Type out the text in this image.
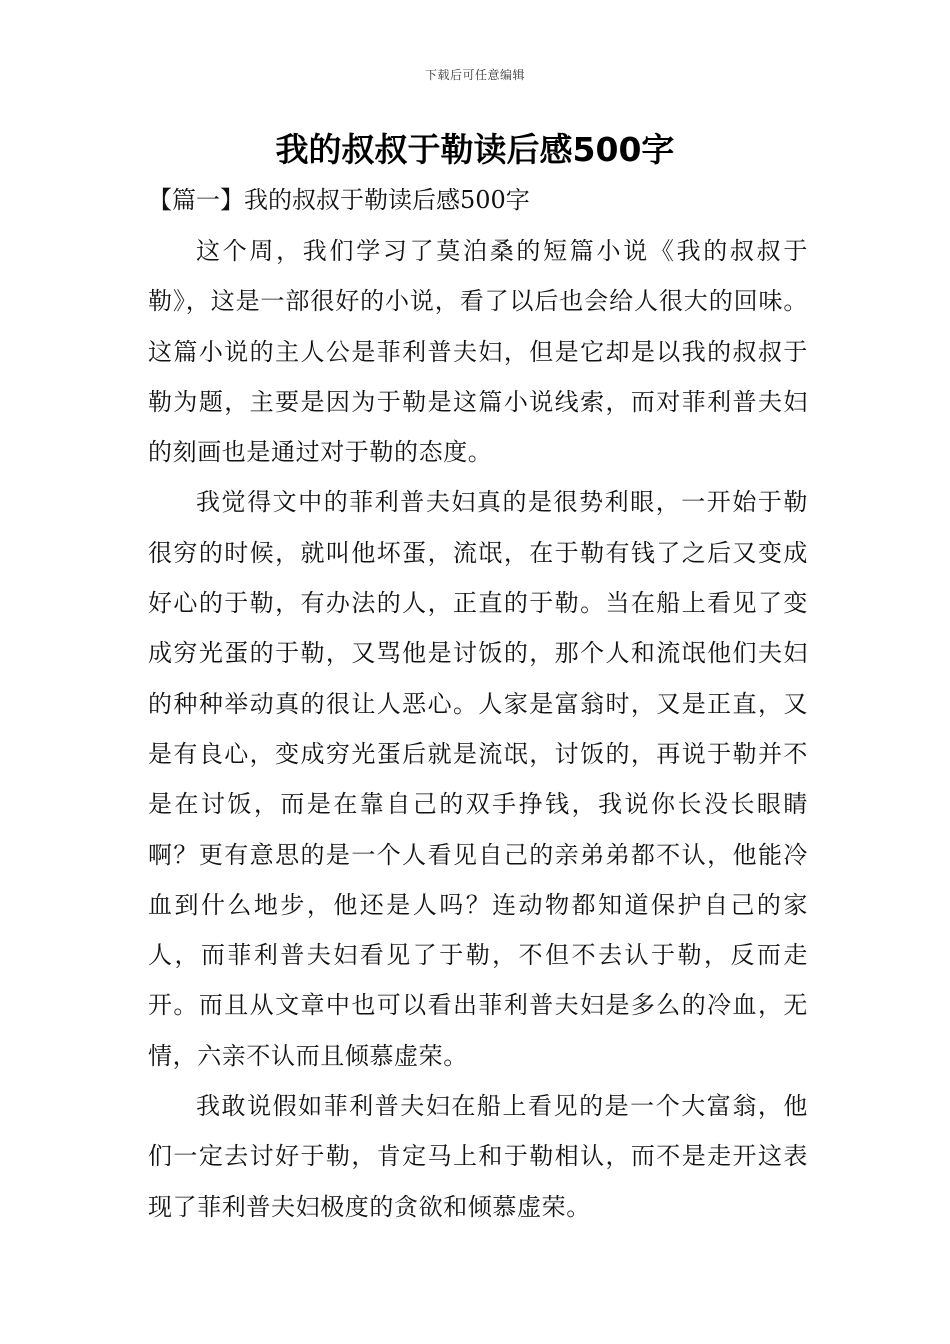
下载后可任意编辑
我的叔叔于勒读后感500字
【篇一】我的叔叔于勒读后感500字

这个周，我们学习了莫泊桑的短篇小说《我的叔叔于勒》，这是一部很好的小说，看了以后也会给人很大的回味。这篇小说的主人公是菲利普夫妇，但是它却是以我的叔叔于勒为题，主要是因为于勒是这篇小说线索，而对菲利普夫妇的刻画也是通过对于勒的态度。

我觉得文中的菲利普夫妇真的是很势利眼，一开始于勒很穷的时候，就叫他坏蛋，流氓，在于勒有钱了之后又变成好心的于勒，有办法的人，正直的于勒。当在船上看见了变成穷光蛋的于勒，又骂他是讨饭的，那个人和流氓他们夫妇的种种举动真的很让人恶心。人家是富翁时，又是正直，又是有良心，变成穷光蛋后就是流氓，讨饭的，再说于勒并不是在讨饭，而是在靠自己的双手挣钱，我说你长没长眼睛啊？更有意思的是一个人看见自己的亲弟弟都不认，他能冷血到什么地步，他还是人吗？连动物都知道保护自己的家人，而菲利普夫妇看见了于勒，不但不去认于勒，反而走开。而且从文章中也可以看出菲利普夫妇是多么的冷血，无情，六亲不认而且倾慕虚荣。

我敢说假如菲利普夫妇在船上看见的是一个大富翁，他们一定去讨好于勒，肯定马上和于勒相认，而不是走开这表现了菲利普夫妇极度的贪欲和倾慕虚荣。
